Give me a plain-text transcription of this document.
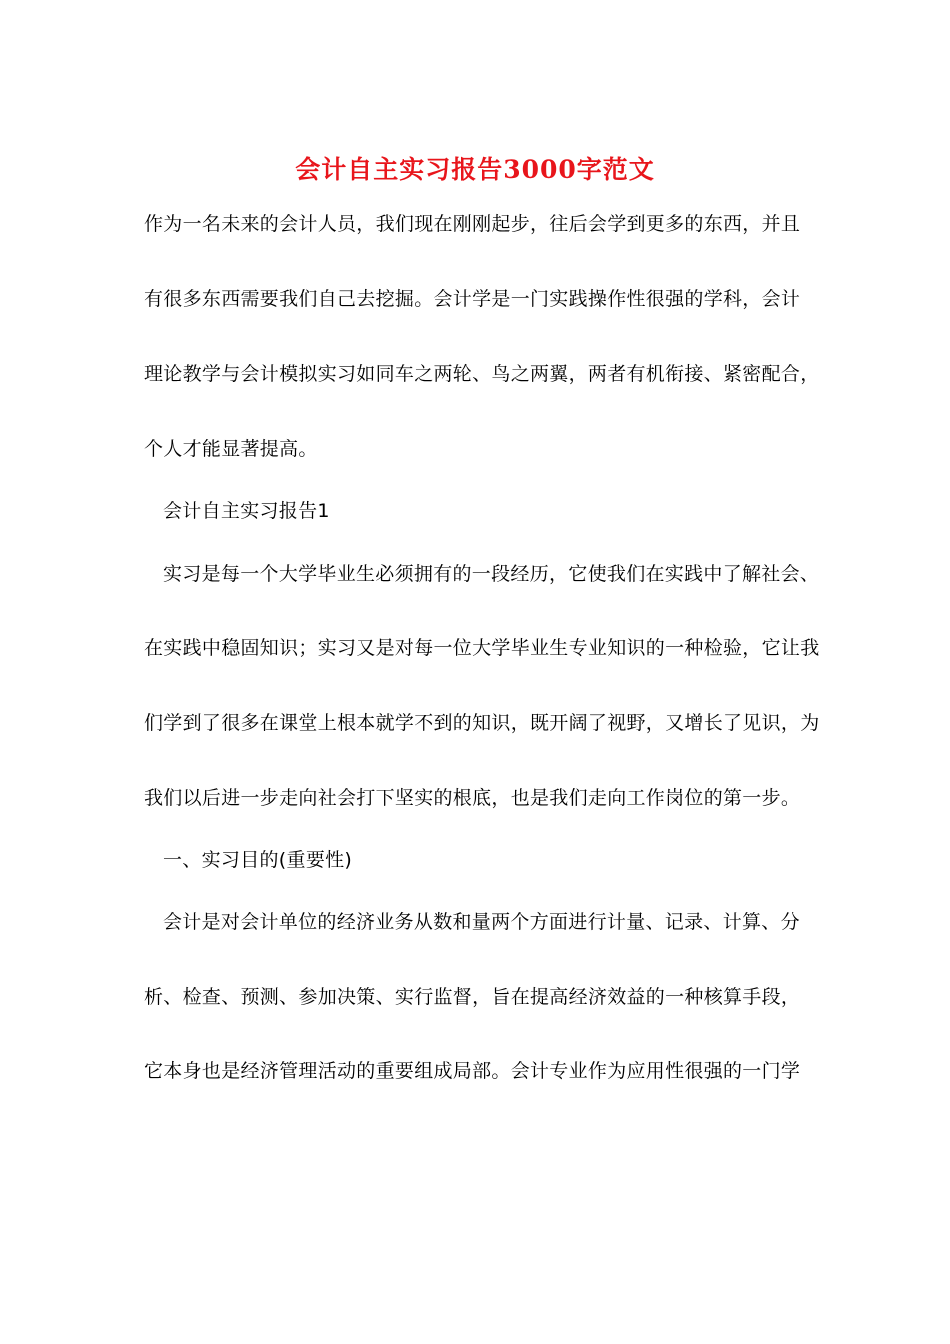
会计自主实习报告3000字范文
作为一名未来的会计人员，我们现在刚刚起步，往后会学到更多的东西，并且
有很多东西需要我们自己去挖掘。会计学是一门实践操作性很强的学科，会计
理论教学与会计模拟实习如同车之两轮、鸟之两翼，两者有机衔接、紧密配合，
个人才能显著提高。
会计自主实习报告1
实习是每一个大学毕业生必须拥有的一段经历，它使我们在实践中了解社会、
在实践中稳固知识；实习又是对每一位大学毕业生专业知识的一种检验，它让我
们学到了很多在课堂上根本就学不到的知识，既开阔了视野，又增长了见识，为
我们以后进一步走向社会打下坚实的根底，也是我们走向工作岗位的第一步。
一、实习目的(重要性)
会计是对会计单位的经济业务从数和量两个方面进行计量、记录、计算、分
析、检查、预测、参加决策、实行监督，旨在提高经济效益的一种核算手段，
它本身也是经济管理活动的重要组成局部。会计专业作为应用性很强的一门学
